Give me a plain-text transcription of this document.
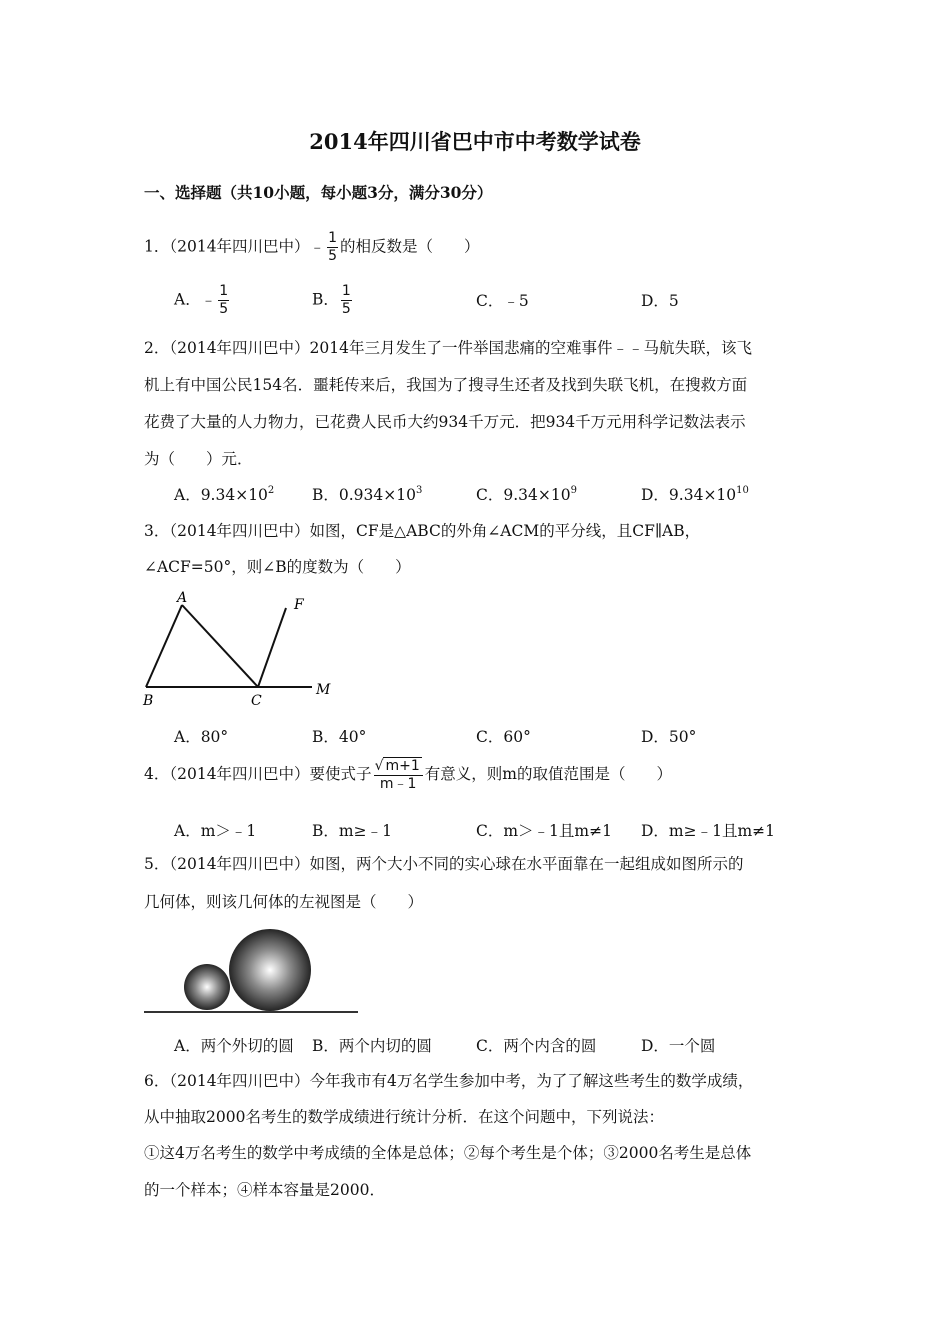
2014年四川省巴中市中考数学试卷
一、选择题（共10小题，每小题3分，满分30分）
1．（2014年四川巴中）﹣ $\frac{1}{5}$ 的相反数是（　　）
A．﹣ $\frac{1}{5}$	B． $\frac{1}{5}$	C．﹣5	D．5
2．（2014年四川巴中）2014年三月发生了一件举国悲痛的空难事件﹣﹣马航失联，该飞
机上有中国公民154名．噩耗传来后，我国为了搜寻生还者及找到失联飞机，在搜救方面
花费了大量的人力物力，已花费人民币大约934千万元．把934千万元用科学记数法表示
为（　　）元．
A．$9.34\times 10^2$ B．$0.934\times 10^3$	C．$9.34\times 10^9$	D．$9.34\times 10^{10}$
3．（2014年四川巴中）如图，CF是△ABC的外角∠ACM的平分线，且CF∥AB，
∠ACF=50°，则∠B的度数为（　　）
A
B	C
F
M
A．80°	B．40°	C．60°	D．50°
4．（2014年四川巴中）要使式子 $\frac{√ m+1}{m﹣1}$ 有意义，则m的取值范围是（　　）
A．m＞﹣1	B．m≥﹣1	C．m＞﹣1且m≠1 D．m≥﹣1且m≠1
5．（2014年四川巴中）如图，两个大小不同的实心球在水平面靠在一起组成如图所示的
几何体，则该几何体的左视图是（　　）
A．两个外切的圆 B．两个内切的圆	C．两个内含的圆	D．一个圆
6．（2014年四川巴中）今年我市有4万名学生参加中考，为了了解这些考生的数学成绩，
从中抽取2000名考生的数学成绩进行统计分析．在这个问题中，下列说法：
①这4万名考生的数学中考成绩的全体是总体；②每个考生是个体；③2000名考生是总体
的一个样本；④样本容量是2000．
